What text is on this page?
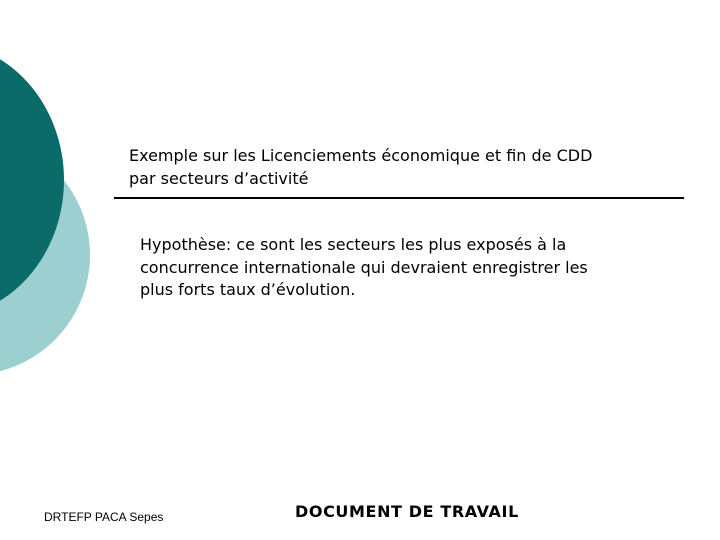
Exemple sur les Licenciements économique et fin de CDD
par secteurs d’activité
Hypothèse: ce sont les secteurs les plus exposés à la
concurrence internationale qui devraient enregistrer les
plus forts taux d’évolution.
DRTEFP PACA Sepes	DOCUMENT DE TRAVAIL
